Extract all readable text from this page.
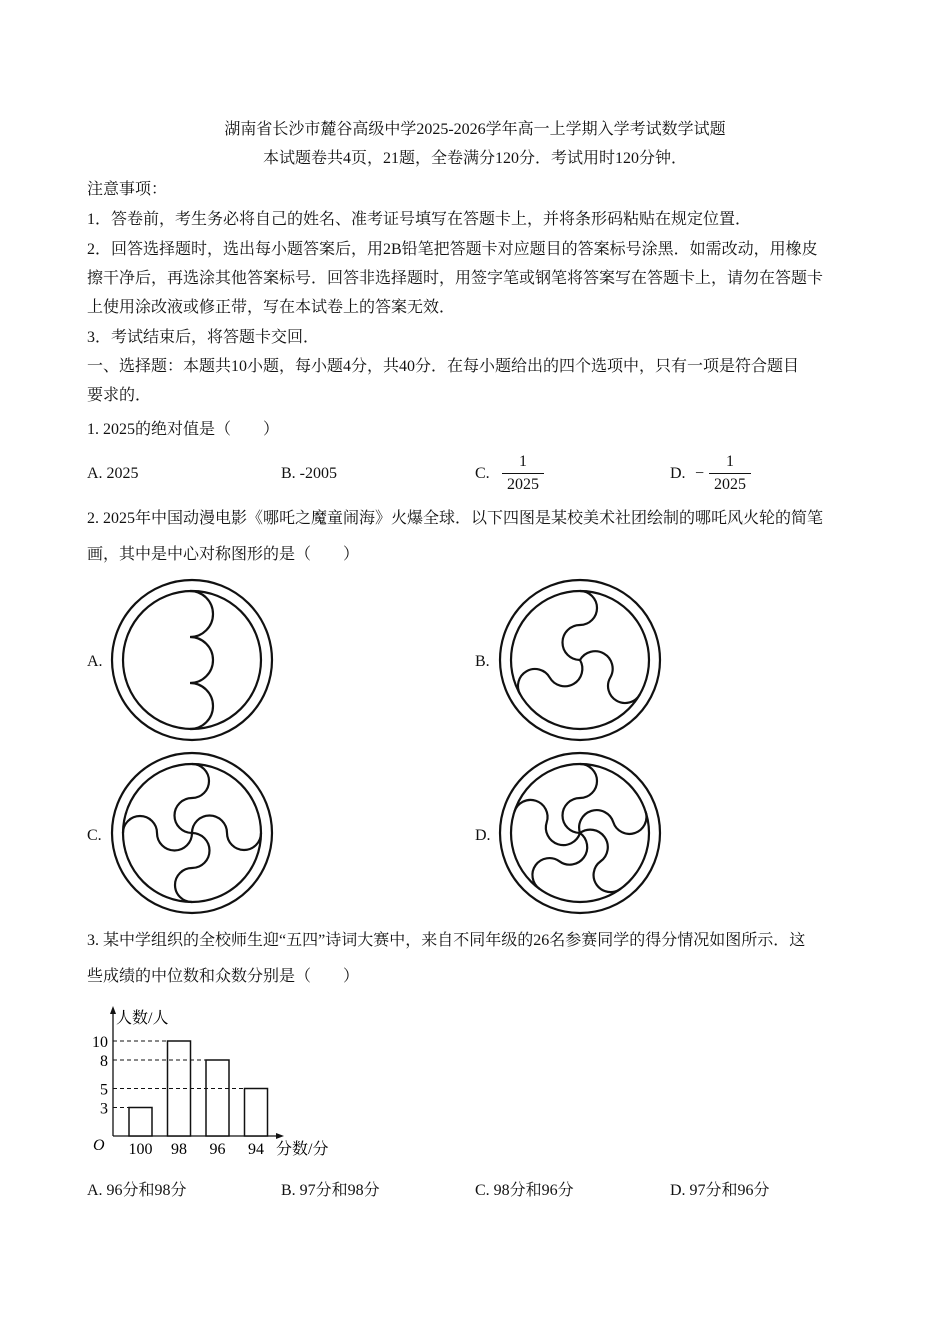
湖南省长沙市麓谷高级中学2025-2026学年高一上学期入学考试数学试题
本试题卷共4页，21题，全卷满分120分．考试用时120分钟．
注意事项：
1．答卷前，考生务必将自己的姓名、准考证号填写在答题卡上，并将条形码粘贴在规定位置．
2．回答选择题时，选出每小题答案后，用2B铅笔把答题卡对应题目的答案标号涂黑．如需改动，用橡皮
擦干净后，再选涂其他答案标号．回答非选择题时，用签字笔或钢笔将答案写在答题卡上，请勿在答题卡
上使用涂改液或修正带，写在本试卷上的答案无效．
3．考试结束后，将答题卡交回．
一、选择题：本题共10小题，每小题4分，共40分．在每小题给出的四个选项中，只有一项是符合题目
要求的．
1. 2025的绝对值是（　　）
A. 2025	B. -2005	C.
1
2025
D. −
1
2025
2. 2025年中国动漫电影《哪吒之魔童闹海》火爆全球．以下四图是某校美术社团绘制的哪吒风火轮的简笔
画，其中是中心对称图形的是（　　）
A.	B.
C.	D.
3. 某中学组织的全校师生迎“五四”诗词大赛中，来自不同年级的26名参赛同学的得分情况如图所示．这
些成绩的中位数和众数分别是（　　）
人数/人
分数/分
O 100 98 96 94
3
5
8
10
A. 96分和98分	B. 97分和98分	C. 98分和96分	D. 97分和96分
